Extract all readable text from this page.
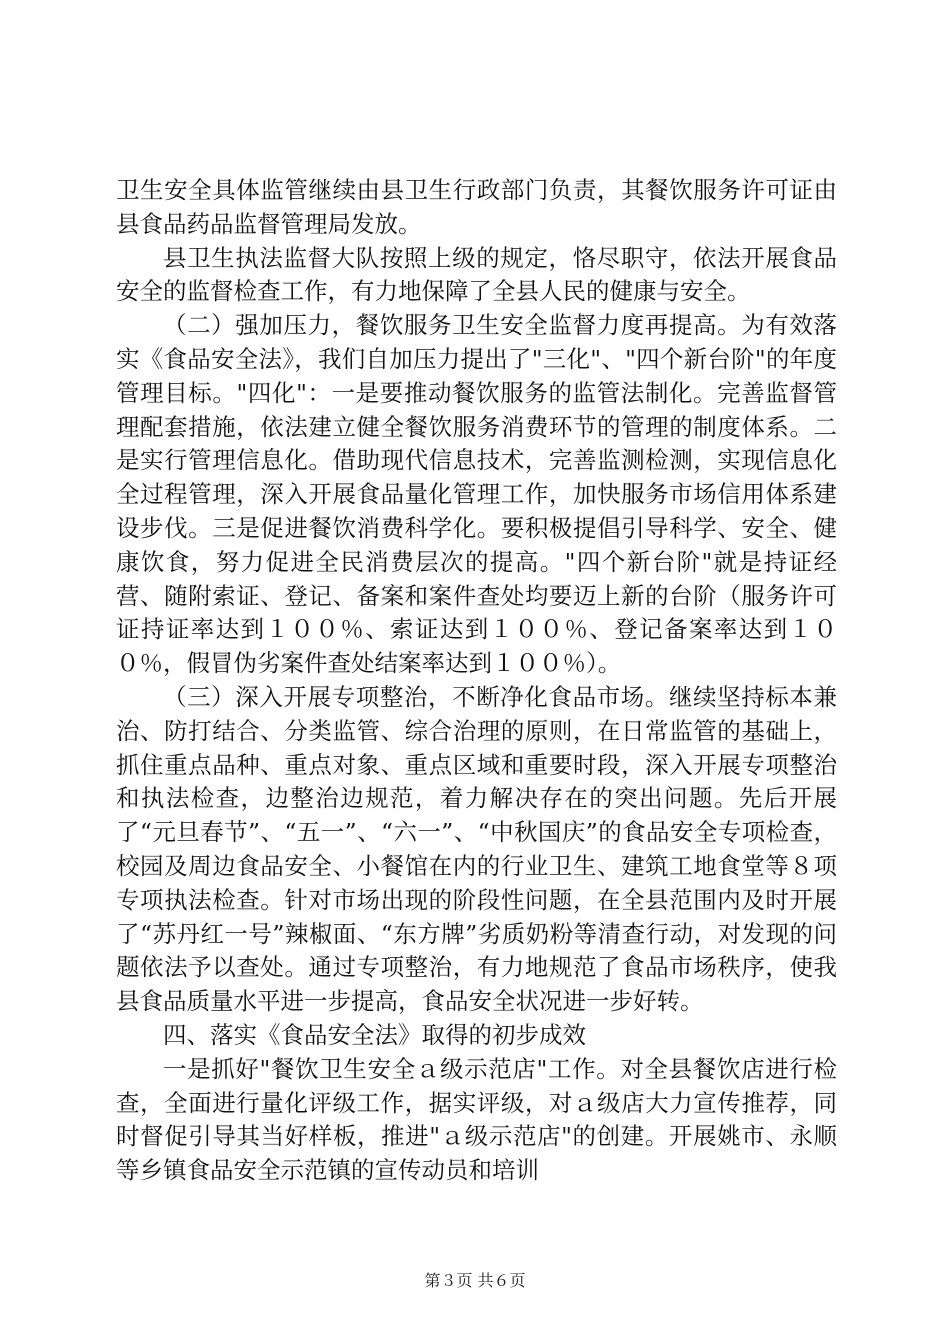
卫生安全具体监管继续由县卫生行政部门负责，其餐饮服务许可证由县食品药品监督管理局发放。

县卫生执法监督大队按照上级的规定，恪尽职守，依法开展食品安全的监督检查工作，有力地保障了全县人民的健康与安全。

（二）强加压力，餐饮服务卫生安全监督力度再提高。为有效落实《食品安全法》，我们自加压力提出了"三化"、"四个新台阶"的年度管理目标。"四化"：一是要推动餐饮服务的监管法制化。完善监督管理配套措施，依法建立健全餐饮服务消费环节的管理的制度体系。二是实行管理信息化。借助现代信息技术，完善监测检测，实现信息化全过程管理，深入开展食品量化管理工作，加快服务市场信用体系建设步伐。三是促进餐饮消费科学化。要积极提倡引导科学、安全、健康饮食，努力促进全民消费层次的提高。"四个新台阶"就是持证经营、随附索证、登记、备案和案件查处均要迈上新的台阶（服务许可证持证率达到１００％、索证达到１００％、登记备案率达到１００％，假冒伪劣案件查处结案率达到１００％）。

（三）深入开展专项整治，不断净化食品市场。继续坚持标本兼治、防打结合、分类监管、综合治理的原则，在日常监管的基础上，抓住重点品种、重点对象、重点区域和重要时段，深入开展专项整治和执法检查，边整治边规范，着力解决存在的突出问题。先后开展了“元旦春节”、“五一”、“六一”、“中秋国庆”的食品安全专项检查，校园及周边食品安全、小餐馆在内的行业卫生、建筑工地食堂等８项专项执法检查。针对市场出现的阶段性问题，在全县范围内及时开展了“苏丹红一号”辣椒面、“东方牌”劣质奶粉等清查行动，对发现的问题依法予以查处。通过专项整治，有力地规范了食品市场秩序，使我县食品质量水平进一步提高，食品安全状况进一步好转。

四、落实《食品安全法》取得的初步成效

一是抓好"餐饮卫生安全ａ级示范店"工作。对全县餐饮店进行检查，全面进行量化评级工作，据实评级，对ａ级店大力宣传推荐，同时督促引导其当好样板，推进"ａ级示范店"的创建。开展姚市、永顺等乡镇食品安全示范镇的宣传动员和培训

第３页 共６页
